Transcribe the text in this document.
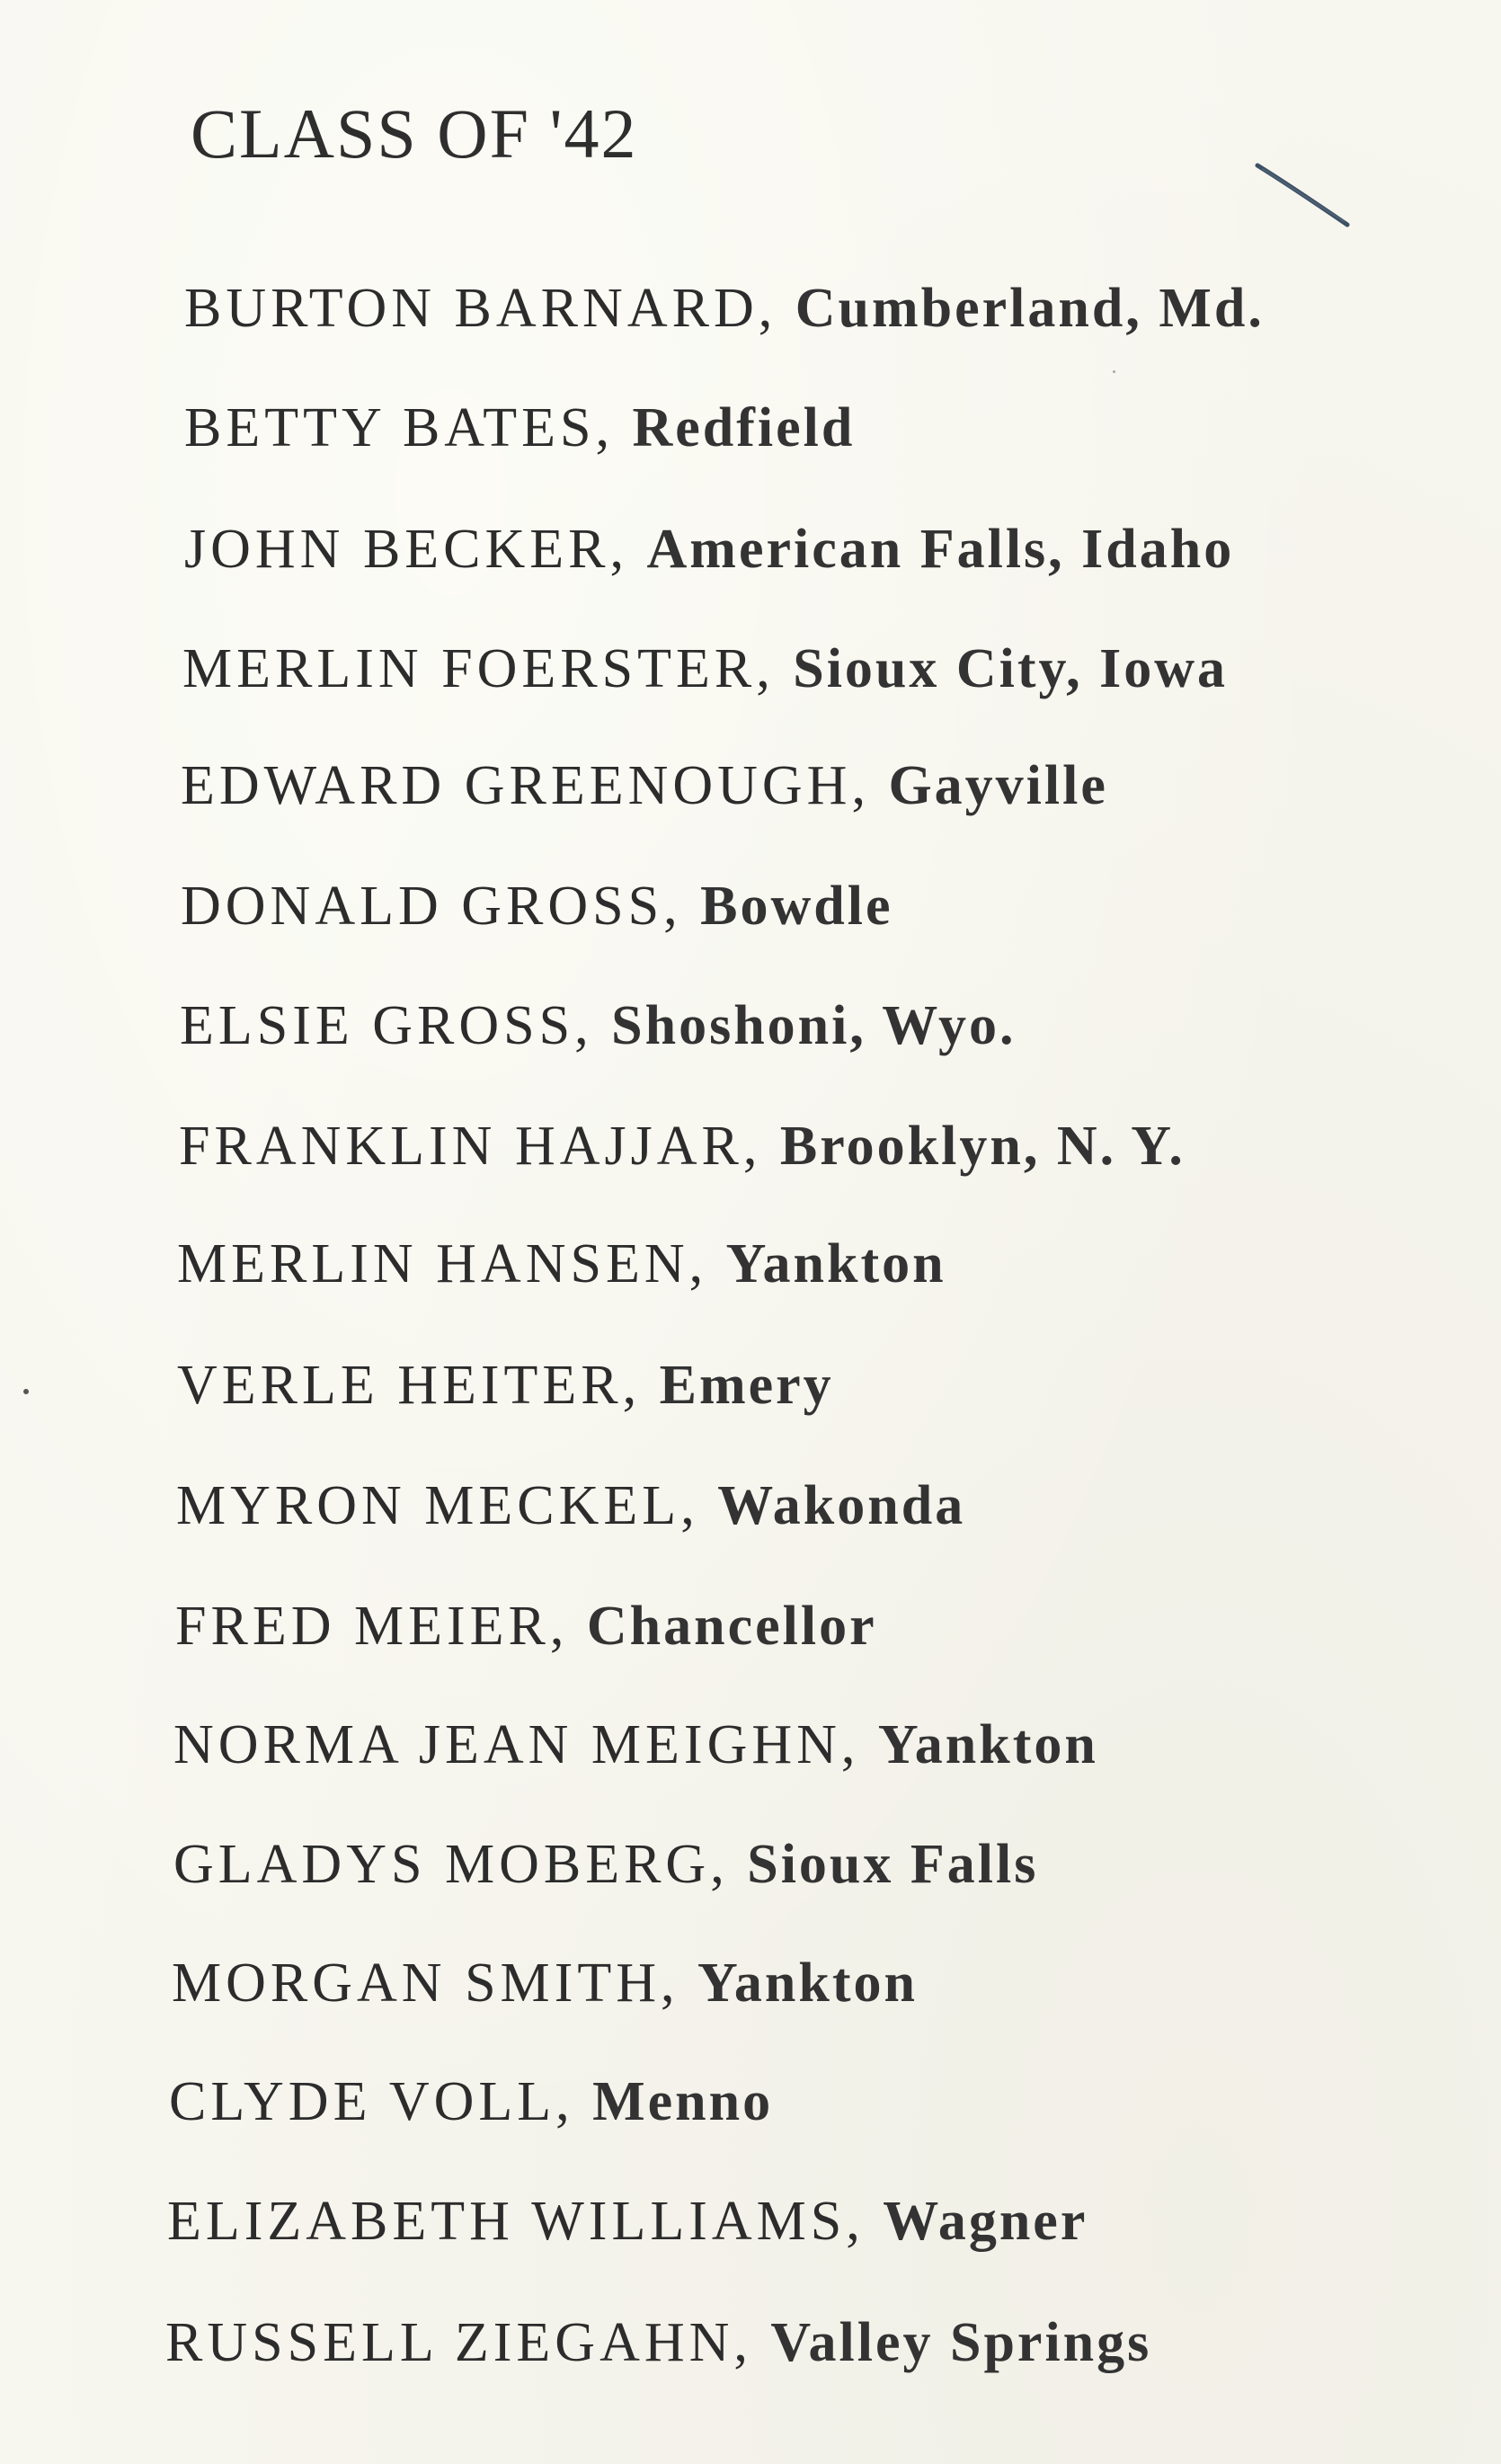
CLASS OF '42
BURTON BARNARD, Cumberland, Md.
BETTY BATES, Redfield
JOHN BECKER, American Falls, Idaho
MERLIN FOERSTER, Sioux City, Iowa
EDWARD GREENOUGH, Gayville
DONALD GROSS, Bowdle
ELSIE GROSS, Shoshoni, Wyo.
FRANKLIN HAJJAR, Brooklyn, N. Y.
MERLIN HANSEN, Yankton
VERLE HEITER, Emery
MYRON MECKEL, Wakonda
FRED MEIER, Chancellor
NORMA JEAN MEIGHN, Yankton
GLADYS MOBERG, Sioux Falls
MORGAN SMITH, Yankton
CLYDE VOLL, Menno
ELIZABETH WILLIAMS, Wagner
RUSSELL ZIEGAHN, Valley Springs
